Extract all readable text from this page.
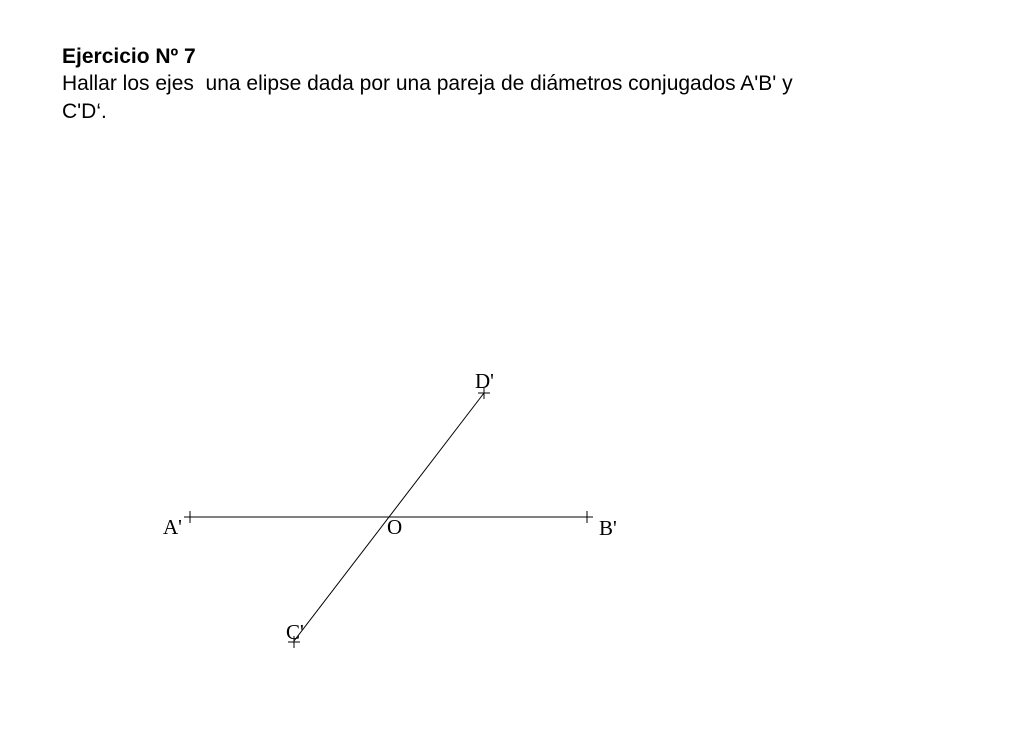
Ejercicio Nº 7

Hallar los ejes  una elipse dada por una pareja de diámetros conjugados A'B' y

C'D‘.

A'	B'
C'
D'
O
